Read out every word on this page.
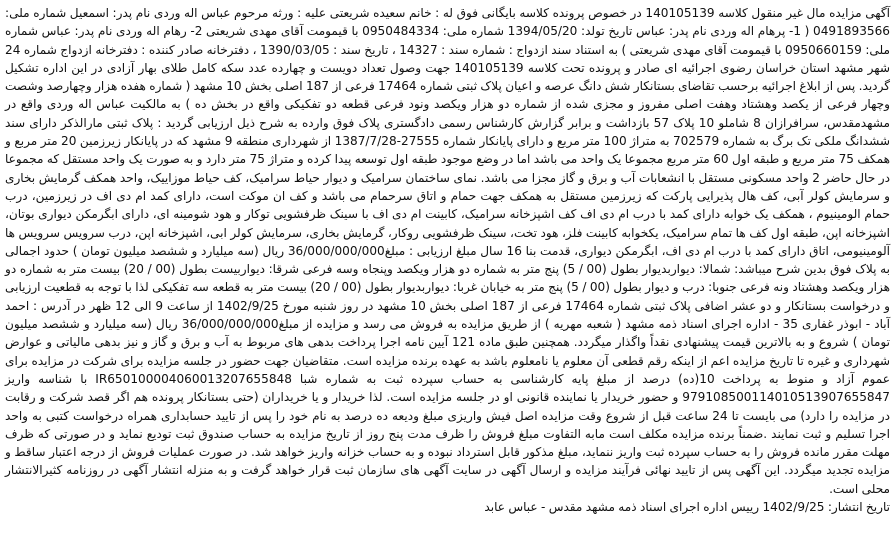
آگهی مزایده مال غیر منقول کلاسه 140105139 در خصوص پرونده کلاسه بایگانی فوق له : خانم سعیده شریعتی علیه : ورثه مرحوم عباس اله وردی نام پدر: اسمعیل شماره ملی: 0491893566 ( 1- پرهام اله وردی نام پدر: عباس تاریخ تولد: 1394/05/20 شماره ملی: 0950484334 با قیمومت آقای مهدی شریعتی 2- رهام اله وردی نام پدر: عباس شماره ملی: 0950660159 با قیمومت آقای مهدی شریعتی ) به استناد سند ازدواج : شماره سند : 14327 ، تاریخ سند : 1390/03/05 ، دفترخانه صادر کننده : دفترخانه ازدواج شماره 24 شهر مشهد استان خراسان رضوی اجرائیه ای صادر و پرونده تحت کلاسه 140105139 جهت وصول تعداد دویست و چهارده عدد سکه کامل طلای بهار آزادی در این اداره تشکیل گردید. پس از ابلاغ اجرائیه برحسب تقاضای بستانکار شش دانگ عرصه و اعیان پلاک ثبتی شماره 17464 فرعی از 187 اصلی بخش 10 مشهد ( شماره هفده هزار وچهارصد وشصت وچهار فرعی از یکصد وهشتاد وهفت اصلی مفروز و مجزی شده از شماره دو هزار ویکصد ونود فرعی قطعه دو تفکیکی واقع در بخش ده ) به مالکیت عباس اله وردی واقع در مشهدمقدس، سرافرازان 8 شاملو 10 پلاک 57 بازداشت و برابر گزارش کارشناس رسمی دادگستری پلاک فوق وارده به شرح ذیل ارزیابی گردید : پلاک ثبتی مارالذکر دارای سند ششدانگ ملکی تک برگ به شماره 702579 به متراژ 100 متر مربع و دارای پایانکار شماره 27555-1387/7/28 از شهرداری منطقه 9 مشهد که در پایانکار زیرزمین 20 متر مربع و همکف 75 متر مربع و طبقه اول 60 متر مربع مجموعا یک واحد می باشد اما در وضع موجود طبقه اول توسعه پیدا کرده و متراژ 75 متر دارد و به صورت یک واحد مستقل که مجموعا در حال حاضر 2 واحد مسکونی مستقل با انشعابات آب و برق و گاز مجزا می باشد. نمای ساختمان سرامیک و دیوار حیاط سرامیک، کف حیاط موزاییک، واحد همکف گرمایش بخاری و سرمایش کولر آبی، کف هال پذیرایی پارکت که زیرزمین مستقل به همکف جهت حمام و اتاق سرحمام می باشد و کف ان موکت است، دارای کمد ام دی اف در زیرزمین، درب حمام الومینیوم ، همکف یک خوابه دارای کمد با درب ام دی اف کف اشپزخانه سرامیک، کابینت ام دی اف با سینک ظرفشویی توکار و هود شومینه ای، دارای ابگرمکن دیواری بوتان، اشپزخانه اپن، طبقه اول کف ها تمام سرامیک، یکخوابه کابینت فلز، هود تخت، سینک ظرفشویی روکار، گرمایش بخاری، سرمایش کولر ابی، اشپزخانه اپن، درب سرویس سرویس ها آلومینیومی، اتاق دارای کمد با درب ام دی اف، ابگرمکن دیواری، قدمت بنا 16 سال مبلغ ارزیابی : مبلغ36/000/000/000 ریال (سه میلیارد و ششصد میلیون تومان ) حدود اجمالی به پلاک فوق بدین شرح میباشد: شمالا: دیواربدیوار بطول (00 / 5) پنج متر به شماره دو هزار ویکصد وپنجاه وسه فرعی شرقا: دیواربیست بطول (00 / 20) بیست متر به شماره دو هزار ویکصد وهشتاد ونه فرعی جنوبا: درب و دیوار بطول (00 / 5) پنج متر به خیابان غربا: دیواربدیوار بطول (00 / 20) بیست متر به قطعه سه تفکیکی لذا با توجه به قطعیت ارزیابی و درخواست بستانکار و دو عشر اضافی پلاک ثبتی شماره 17464 فرعی از 187 اصلی بخش 10 مشهد در روز شنبه مورخ 1402/9/25 از ساعت 9 الی 12 ظهر در آدرس : احمد آباد - ابوذر غفاری 35 - اداره اجرای اسناد ذمه مشهد ( شعبه مهریه ) از طریق مزایده به فروش می رسد و مزایده از مبلغ36/000/000/000 ریال (سه میلیارد و ششصد میلیون تومان ) شروع و به بالاترین قیمت پیشنهادی نقداً واگذار میگردد. همچنین طبق ماده 121 آیین نامه اجرا پرداخت بدهی های مربوط به آب و برق و گاز و نیز بدهی مالیاتی و عوارض شهرداری و غیره تا تاریخ مزایده اعم از اینکه رقم قطعی آن معلوم یا نامعلوم باشد به عهده برنده مزایده است. متقاضیان جهت حضور در جلسه مزایده برای شرکت در مزایده برای عموم آزاد و منوط به پرداخت 10(ده) درصد از مبلغ پایه کارشناسی به حساب سپرده ثبت به شماره شبا IR650100004060013207655848 با شناسه واریز 979108500114010513907655847 و حضور خریدار یا نماینده قانونی او در جلسه مزایده است. لذا خریدار و یا خریداران (حتی بستانکار پرونده هم اگر قصد شرکت و رقابت در مزایده را دارد) می بایست تا 24 ساعت قبل از شروع وقت مزایده اصل فیش واریزی مبلغ ودیعه ده درصد به نام خود را پس از تایید حسابداری همراه درخواست کتبی به واحد اجرا تسلیم و ثبت نمایند .ضمناً برنده مزایده مکلف است مابه التفاوت مبلغ فروش را ظرف مدت پنج روز از تاریخ مزایده به حساب صندوق ثبت تودیع نماید و در صورتی که ظرف مهلت مقرر مانده فروش را به حساب سپرده ثبت واریز ننماید، مبلغ مذکور قابل استرداد نبوده و به حساب خزانه واریز خواهد شد. در صورت عملیات فروش از درجه اعتبار ساقط و مزایده تجدید میگردد. این آگهی پس از تایید نهائی فرآیند مزایده و ارسال آگهی در سایت آگهی های سازمان ثبت قرار خواهد گرفت و به منزله انتشار آگهی در روزنامه کثیرالانتشار محلی است.

تاریخ انتشار: 1402/9/25 رییس اداره اجرای اسناد ذمه مشهد مقدس - عباس عابد
